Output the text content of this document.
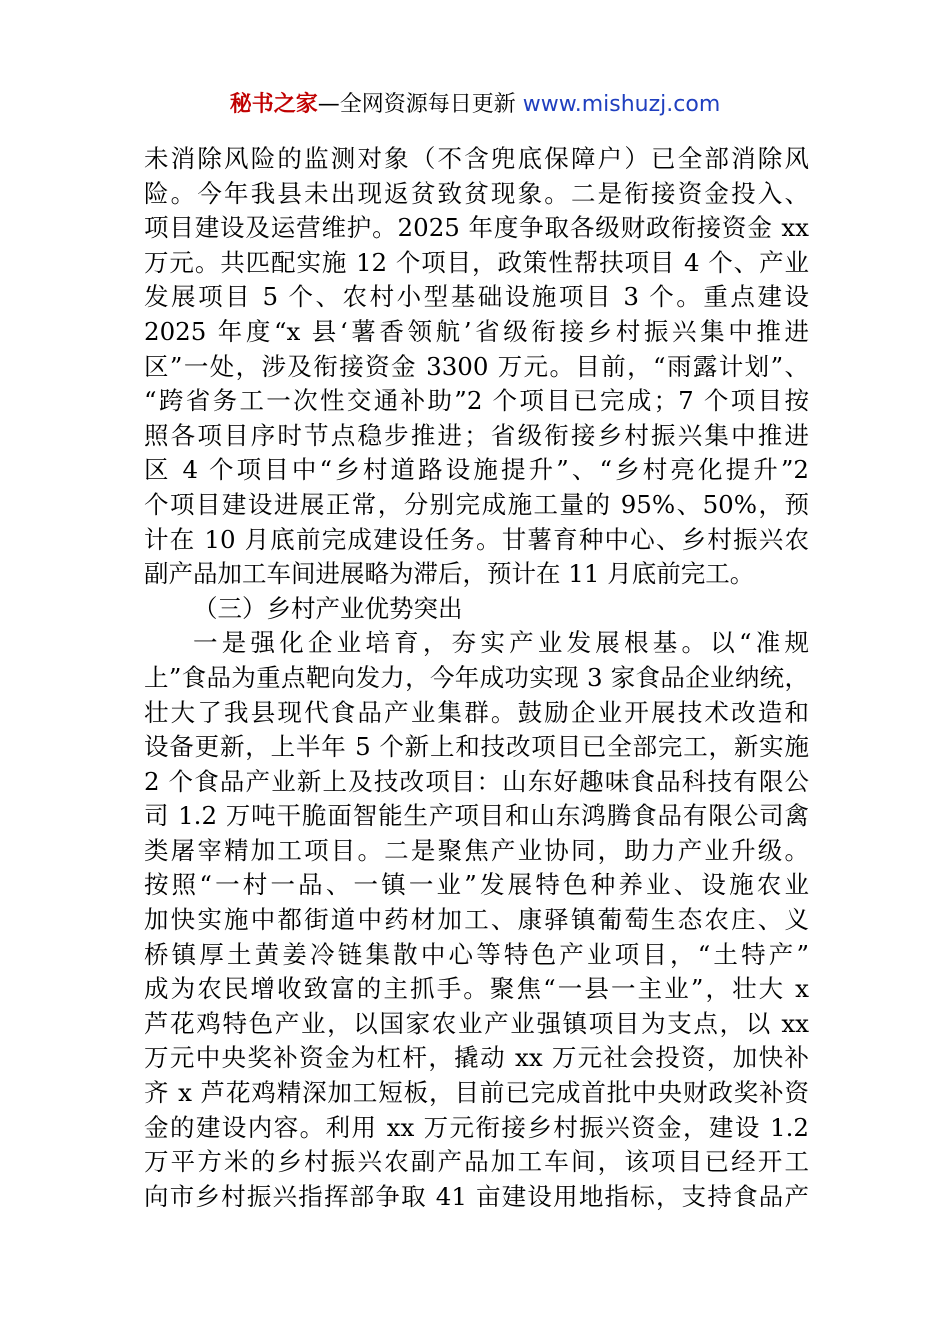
秘书之家—全网资源每日更新 www.mishuzj.com
未消除风险的监测对象（不含兜底保障户）已全部消除风
险。今年我县未出现返贫致贫现象。二是衔接资金投入、
项目建设及运营维护。2025 年度争取各级财政衔接资金 xx
万元。共匹配实施 12 个项目，政策性帮扶项目 4 个、产业
发展项目 5 个、农村小型基础设施项目 3 个。重点建设
2025 年度“x 县‘薯香领航’省级衔接乡村振兴集中推进
区”一处，涉及衔接资金 3300 万元。目前，“雨露计划”、
“跨省务工一次性交通补助”2 个项目已完成；7 个项目按
照各项目序时节点稳步推进；省级衔接乡村振兴集中推进
区 4 个项目中“乡村道路设施提升”、“乡村亮化提升”2
个项目建设进展正常，分别完成施工量的 95%、50%，预
计在 10 月底前完成建设任务。甘薯育种中心、乡村振兴农
副产品加工车间进展略为滞后，预计在 11 月底前完工。
（三）乡村产业优势突出
一是强化企业培育，夯实产业发展根基。以“准规
上”食品为重点靶向发力，今年成功实现 3 家食品企业纳统，
壮大了我县现代食品产业集群。鼓励企业开展技术改造和
设备更新，上半年 5 个新上和技改项目已全部完工，新实施
2 个食品产业新上及技改项目：山东好趣味食品科技有限公
司 1.2 万吨干脆面智能生产项目和山东鸿腾食品有限公司禽
类屠宰精加工项目。二是聚焦产业协同，助力产业升级。
按照“一村一品、一镇一业”发展特色种养业、设施农业
加快实施中都街道中药材加工、康驿镇葡萄生态农庄、义
桥镇厚土黄姜冷链集散中心等特色产业项目，“土特产”
成为农民增收致富的主抓手。聚焦“一县一主业”，壮大 x
芦花鸡特色产业，以国家农业产业强镇项目为支点，以 xx
万元中央奖补资金为杠杆，撬动 xx 万元社会投资，加快补
齐 x 芦花鸡精深加工短板，目前已完成首批中央财政奖补资
金的建设内容。利用 xx 万元衔接乡村振兴资金，建设 1.2
万平方米的乡村振兴农副产品加工车间，该项目已经开工
向市乡村振兴指挥部争取 41 亩建设用地指标，支持食品产
